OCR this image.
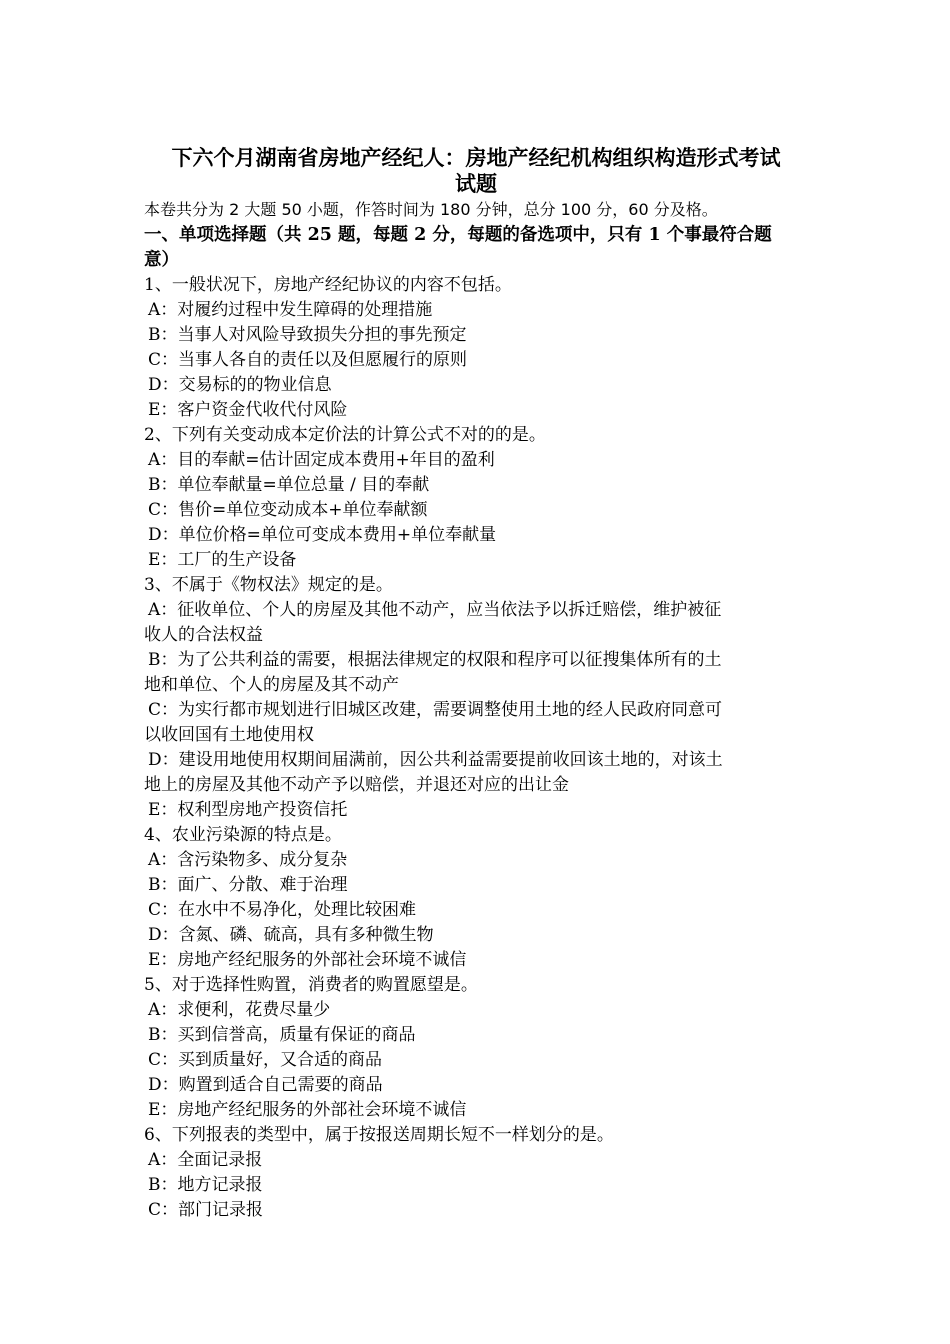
下六个月湖南省房地产经纪人：房地产经纪机构组织构造形式考试
试题

本卷共分为 2 大题 50 小题，作答时间为 180 分钟，总分 100 分，60 分及格。

一、单项选择题（共 25 题，每题 2 分，每题的备选项中，只有 1 个事最符合题

意）

1、一般状况下，房地产经纪协议的内容不包括。

A：对履约过程中发生障碍的处理措施

B：当事人对风险导致损失分担的事先预定

C：当事人各自的责任以及但愿履行的原则

D：交易标的的物业信息

E：客户资金代收代付风险

2、下列有关变动成本定价法的计算公式不对的的是。

A：目的奉献=估计固定成本费用+年目的盈利

B：单位奉献量=单位总量 / 目的奉献

C：售价=单位变动成本+单位奉献额

D：单位价格=单位可变成本费用+单位奉献量

E：工厂的生产设备

3、不属于《物权法》规定的是。

A：征收单位、个人的房屋及其他不动产，应当依法予以拆迁赔偿，维护被征

收人的合法权益

B：为了公共利益的需要，根据法律规定的权限和程序可以征搜集体所有的土

地和单位、个人的房屋及其不动产

C：为实行都市规划进行旧城区改建，需要调整使用土地的经人民政府同意可

以收回国有土地使用权

D：建设用地使用权期间届满前，因公共利益需要提前收回该土地的，对该土

地上的房屋及其他不动产予以赔偿，并退还对应的出让金

E：权利型房地产投资信托

4、农业污染源的特点是。

A：含污染物多、成分复杂

B：面广、分散、难于治理

C：在水中不易净化，处理比较困难

D：含氮、磷、硫高，具有多种微生物

E：房地产经纪服务的外部社会环境不诚信

5、对于选择性购置，消费者的购置愿望是。

A：求便利，花费尽量少

B：买到信誉高，质量有保证的商品

C：买到质量好，又合适的商品

D：购置到适合自己需要的商品

E：房地产经纪服务的外部社会环境不诚信

6、下列报表的类型中，属于按报送周期长短不一样划分的是。

A：全面记录报

B：地方记录报

C：部门记录报
